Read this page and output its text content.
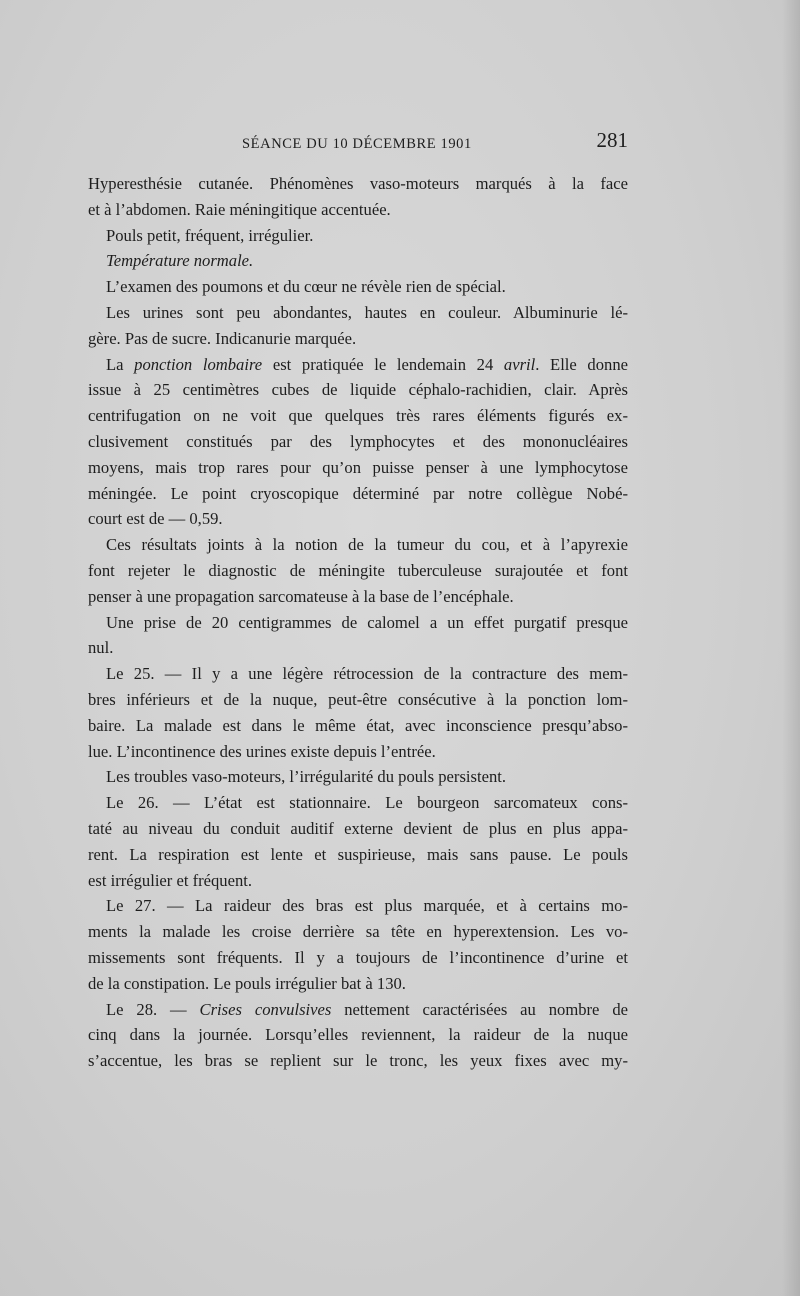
SÉANCE DU 10 DÉCEMBRE 1901	281
Hyperesthésie cutanée. Phénomènes vaso-moteurs marqués à la face
et à l’abdomen. Raie méningitique accentuée.
Pouls petit, fréquent, irrégulier.
Température normale.
L’examen des poumons et du cœur ne révèle rien de spécial.
Les urines sont peu abondantes, hautes en couleur. Albuminurie lé-
gère. Pas de sucre. Indicanurie marquée.
La ponction lombaire est pratiquée le lendemain 24 avril. Elle donne
issue à 25 centimètres cubes de liquide céphalo-rachidien, clair. Après
centrifugation on ne voit que quelques très rares éléments figurés ex-
clusivement constitués par des lymphocytes et des mononucléaires
moyens, mais trop rares pour qu’on puisse penser à une lymphocytose
méningée. Le point cryoscopique déterminé par notre collègue Nobé-
court est de — 0,59.
Ces résultats joints à la notion de la tumeur du cou, et à l’apyrexie
font rejeter le diagnostic de méningite tuberculeuse surajoutée et font
penser à une propagation sarcomateuse à la base de l’encéphale.
Une prise de 20 centigrammes de calomel a un effet purgatif presque
nul.
Le 25. — Il y a une légère rétrocession de la contracture des mem-
bres inférieurs et de la nuque, peut-être consécutive à la ponction lom-
baire. La malade est dans le même état, avec inconscience presqu’abso-
lue. L’incontinence des urines existe depuis l’entrée.
Les troubles vaso-moteurs, l’irrégularité du pouls persistent.
Le 26. — L’état est stationnaire. Le bourgeon sarcomateux cons-
taté au niveau du conduit auditif externe devient de plus en plus appa-
rent. La respiration est lente et suspirieuse, mais sans pause. Le pouls
est irrégulier et fréquent.
Le 27. — La raideur des bras est plus marquée, et à certains mo-
ments la malade les croise derrière sa tête en hyperextension. Les vo-
missements sont fréquents. Il y a toujours de l’incontinence d’urine et
de la constipation. Le pouls irrégulier bat à 130.
Le 28. — Crises convulsives nettement caractérisées au nombre de
cinq dans la journée. Lorsqu’elles reviennent, la raideur de la nuque
s’accentue, les bras se replient sur le tronc, les yeux fixes avec my-
